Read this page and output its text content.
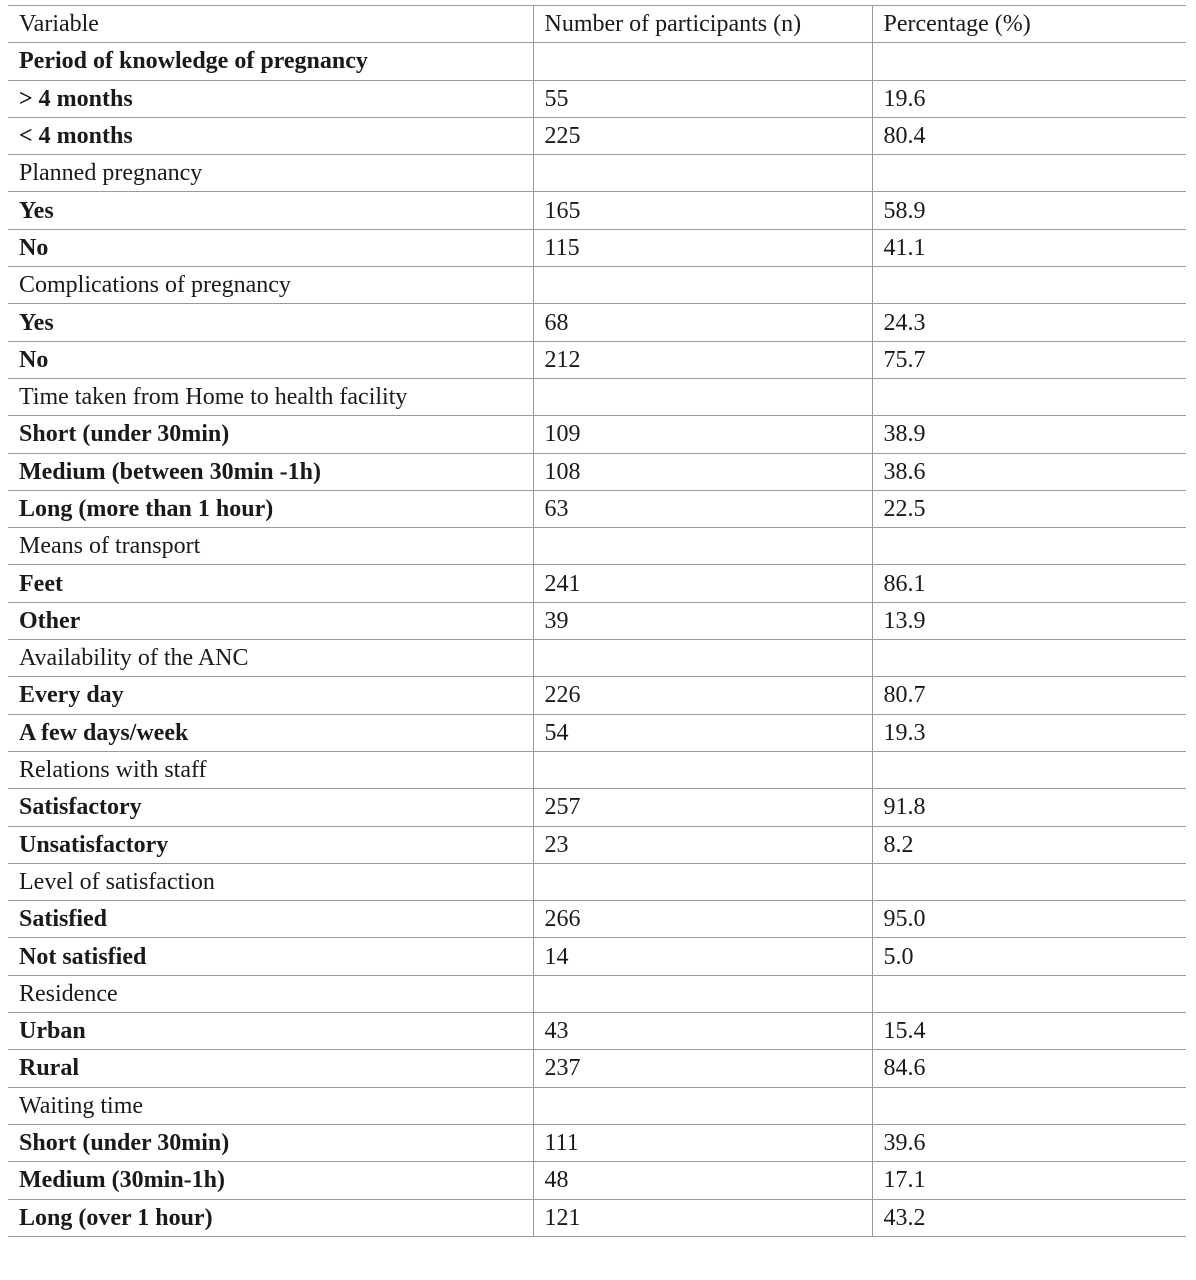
Variable	Number of participants (n)	Percentage (%)
Period of knowledge of pregnancy		
> 4 months	55	19.6
< 4 months	225	80.4
Planned pregnancy		
Yes	165	58.9
No	115	41.1
Complications of pregnancy		
Yes	68	24.3
No	212	75.7
Time taken from Home to health facility		
Short (under 30min)	109	38.9
Medium (between 30min -1h)	108	38.6
Long (more than 1 hour)	63	22.5
Means of transport		
Feet	241	86.1
Other	39	13.9
Availability of the ANC		
Every day	226	80.7
A few days/week	54	19.3
Relations with staff		
Satisfactory	257	91.8
Unsatisfactory	23	8.2
Level of satisfaction		
Satisfied	266	95.0
Not satisfied	14	5.0
Residence		
Urban	43	15.4
Rural	237	84.6
Waiting time		
Short (under 30min)	111	39.6
Medium (30min-1h)	48	17.1
Long (over 1 hour)	121	43.2
